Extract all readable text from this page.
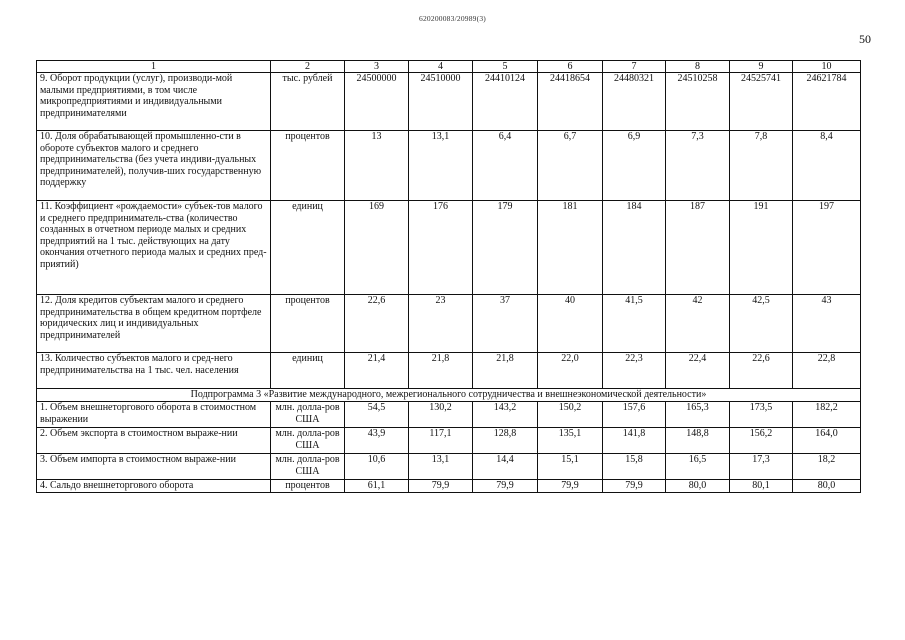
620200083/20989(3)
50
1	2	3	4	5	6	7	8	9	10
9. Оборот продукции (услуг), производи-мой малыми предприятиями, в том числе микропредприятиями и индивидуальными предпринимателями	тыс. рублей	24500000	24510000	24410124	24418654	24480321	24510258	24525741	24621784
10. Доля обрабатывающей промышленно-сти в обороте субъектов малого и среднего предпринимательства (без учета индиви-дуальных предпринимателей), получив-ших государственную поддержку	процентов	13	13,1	6,4	6,7	6,9	7,3	7,8	8,4
11. Коэффициент «рождаемости» субъек-тов малого и среднего предприниматель-ства (количество созданных в отчетном периоде малых и средних предприятий на 1 тыс. действующих на дату окончания отчетного периода малых и средних пред-приятий)	единиц	169	176	179	181	184	187	191	197
12. Доля кредитов субъектам малого и среднего предпринимательства в общем кредитном портфеле юридических лиц и индивидуальных предпринимателей	процентов	22,6	23	37	40	41,5	42	42,5	43
13. Количество субъектов малого и сред-него предпринимательства на 1 тыс. чел. населения	единиц	21,4	21,8	21,8	22,0	22,3	22,4	22,6	22,8
Подпрограмма 3 «Развитие международного, межрегионального сотрудничества и внешнеэкономической деятельности»									
1. Объем внешнеторгового оборота в стоимостном выражении	млн. долла-ров США	54,5	130,2	143,2	150,2	157,6	165,3	173,5	182,2
2. Объем экспорта в стоимостном выраже-нии	млн. долла-ров США	43,9	117,1	128,8	135,1	141,8	148,8	156,2	164,0
3. Объем импорта в стоимостном выраже-нии	млн. долла-ров США	10,6	13,1	14,4	15,1	15,8	16,5	17,3	18,2
4. Сальдо внешнеторгового оборота	процентов	61,1	79,9	79,9	79,9	79,9	80,0	80,1	80,0
